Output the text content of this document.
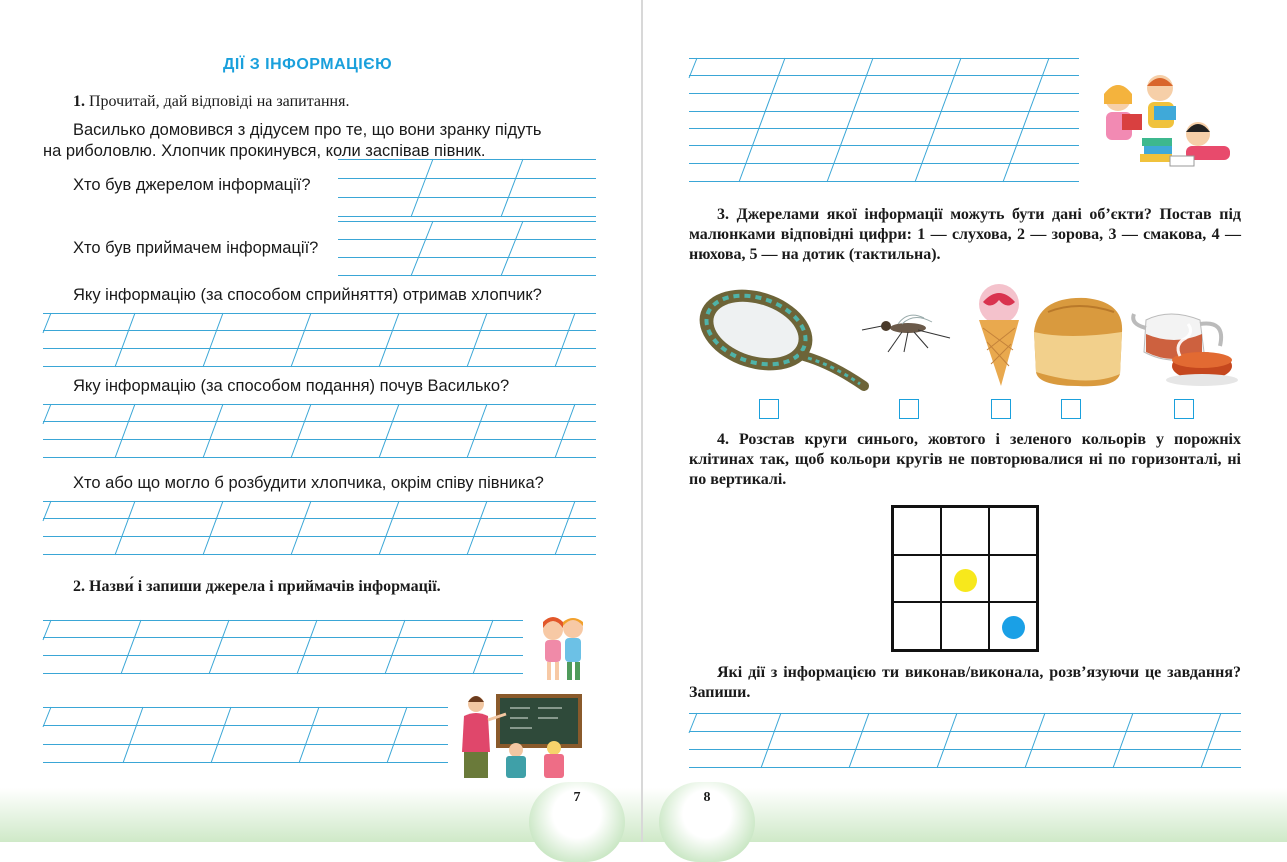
ДІЇ З ІНФОРМАЦІЄЮ
1. Прочитай, дай відповіді на запитання.
Василько домовився з дідусем про те, що вони зранку підуть
на риболовлю. Хлопчик прокинувся, коли заспівав півник.
Хто був джерелом інформації?
Хто був приймачем інформації?
Яку інформацію (за способом сприйняття) отримав хлопчик?
Яку інформацію (за способом подання) почув Василько?
Хто або що могло б розбудити хлопчика, окрім співу півника?
2. Назви́ і запиши джерела і приймачів інформації.
7
3. Джерелами якої інформації можуть бути дані об’єкти? Постав під малюнками відповідні цифри: 1 — слухова, 2 — зорова, 3 — смакова, 4 — нюхова, 5 — на дотик (тактильна).
4. Розстав круги синього, жовтого і зеленого кольорів у порожніх клітинах так, щоб кольори кругів не повторювалися ні по горизонталі, ні по вертикалі.
Які дії з інформацією ти виконав/виконала, розв’язуючи це завдання? Запиши.
8
